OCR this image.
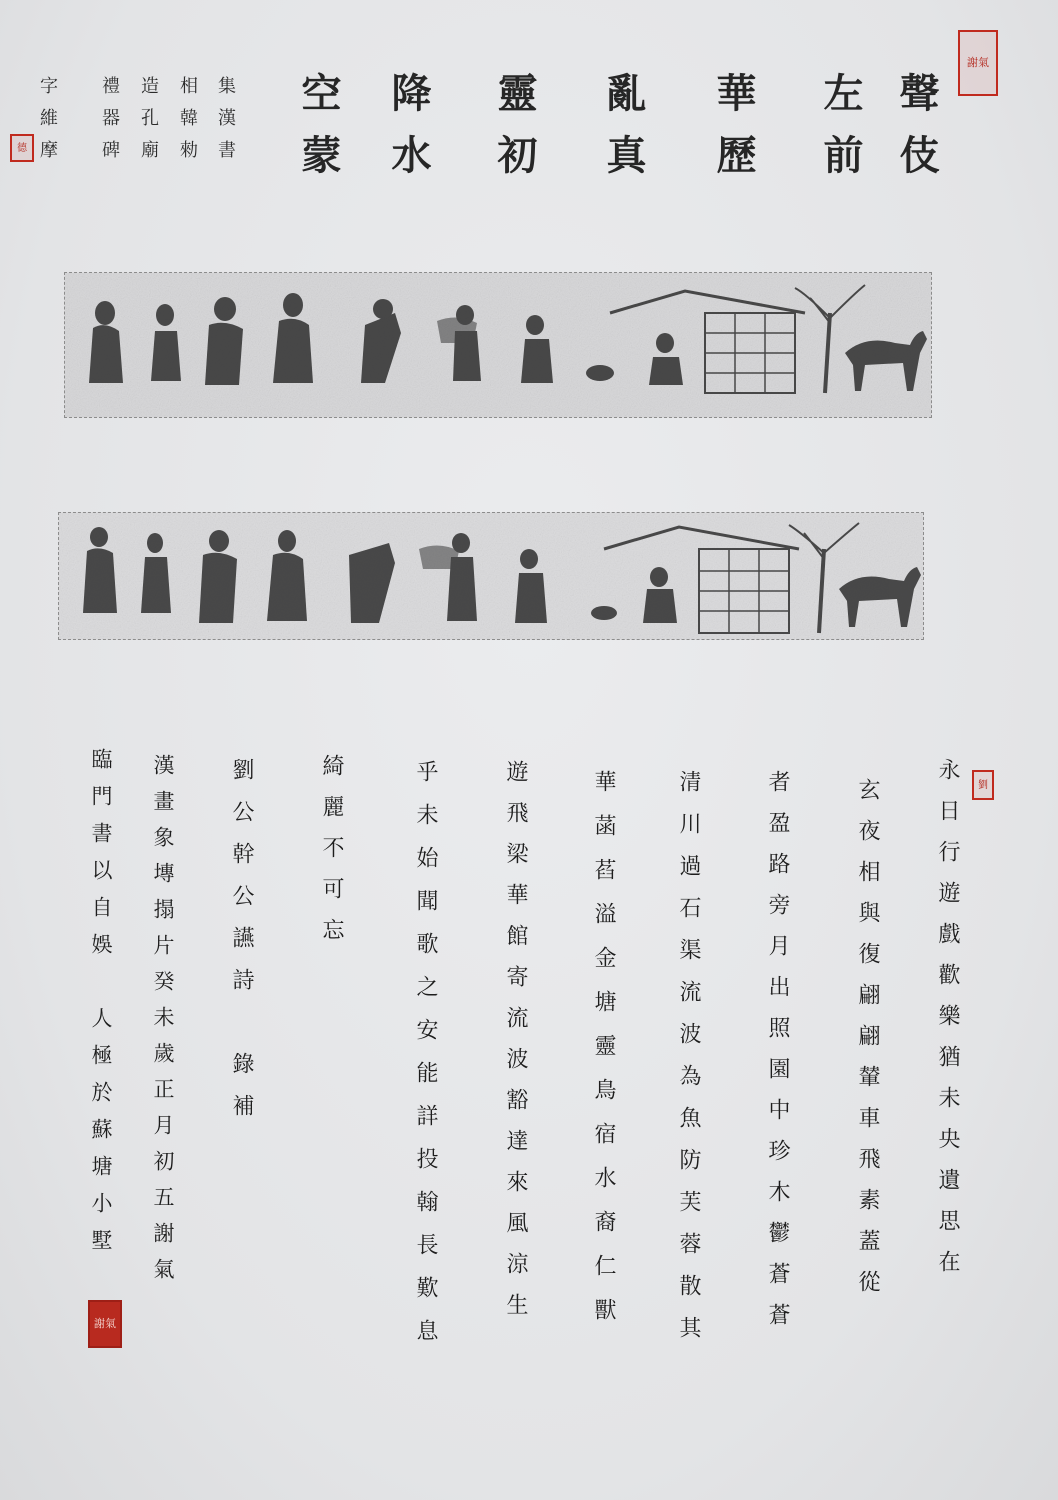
聲伎
左前
華歷
亂真
靈初
降水
空蒙
集漢書
相韓勑
造孔廟
禮器碑
字維摩
謝氣
德
劉
謝氣
永日行遊戲歡樂猶未央遺思在
玄夜相與復翩翩輦車飛素蓋從
者盈路旁月出照園中珍木鬱蒼蒼
清川過石渠流波為魚防芙蓉散其
華菡萏溢金塘靈鳥宿水裔仁獸
遊飛梁華館寄流波豁達來風涼生
乎未始聞歌之安能詳投翰長歎息
綺麗不可忘
劉公幹公讌詩　錄補
漢畫象塼搨片癸未歲正月初五謝氣
臨門書以自娛　人極於蘇塘小墅
